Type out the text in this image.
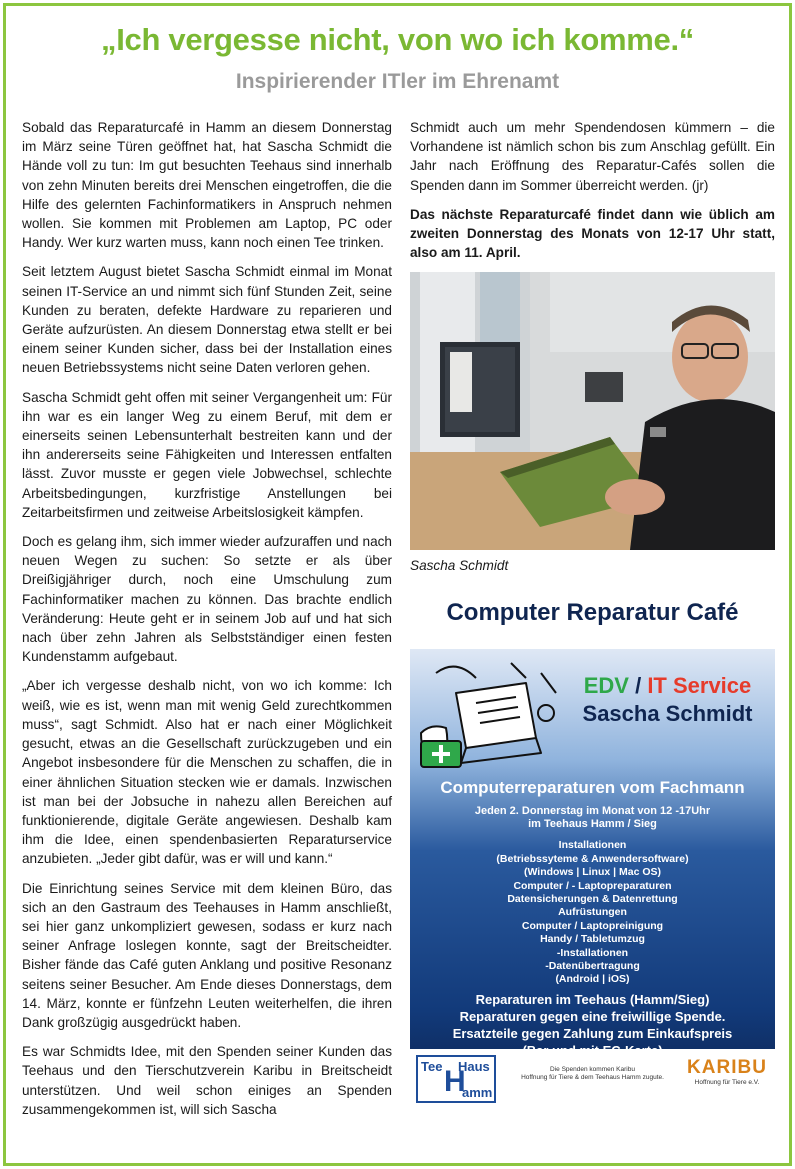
„Ich vergesse nicht, von wo ich komme.“
Inspirierender ITler im Ehrenamt

Sobald das Reparaturcafé in Hamm an diesem Donnerstag im März seine Türen geöffnet hat, hat Sascha Schmidt die Hände voll zu tun: Im gut besuchten Teehaus sind innerhalb von zehn Minuten bereits drei Menschen eingetroffen, die die Hilfe des gelernten Fachinformatikers in Anspruch nehmen wollen. Sie kommen mit Problemen am Laptop, PC oder Handy. Wer kurz warten muss, kann noch einen Tee trinken.

Seit letztem August bietet Sascha Schmidt einmal im Monat seinen IT-Service an und nimmt sich fünf Stunden Zeit, seine Kunden zu beraten, defekte Hardware zu reparieren und Geräte aufzurüsten. An diesem Donnerstag etwa stellt er bei einem seiner Kunden sicher, dass bei der Installation eines neuen Betriebssystems nicht seine Daten verloren gehen.

Sascha Schmidt geht offen mit seiner Vergangenheit um: Für ihn war es ein langer Weg zu einem Beruf, mit dem er einerseits seinen Lebensunterhalt bestreiten kann und der ihn andererseits seine Fähigkeiten und Interessen entfalten lässt. Zuvor musste er gegen viele Jobwechsel, schlechte Arbeitsbedingungen, kurzfristige Anstellungen bei Zeitarbeitsfirmen und zeitweise Arbeitslosigkeit kämpfen.

Doch es gelang ihm, sich immer wieder aufzuraffen und nach neuen Wegen zu suchen: So setzte er als über Dreißigjähriger durch, noch eine Umschulung zum Fachinformatiker machen zu können. Das brachte endlich Veränderung: Heute geht er in seinem Job auf und hat sich nach über zehn Jahren als Selbstständiger einen festen Kundenstamm aufgebaut.

„Aber ich vergesse deshalb nicht, von wo ich komme: Ich weiß, wie es ist, wenn man mit wenig Geld zurechtkommen muss“, sagt Schmidt. Also hat er nach einer Möglichkeit gesucht, etwas an die Gesellschaft zurückzugeben und ein Angebot insbesondere für die Menschen zu schaffen, die in einer ähnlichen Situation stecken wie er damals. Inzwischen ist man bei der Jobsuche in nahezu allen Bereichen auf funktionierende, digitale Geräte angewiesen. Deshalb kam ihm die Idee, einen spendenbasierten Reparaturservice anzubieten. „Jeder gibt dafür, was er will und kann.“

Die Einrichtung seines Service mit dem kleinen Büro, das sich an den Gastraum des Teehauses in Hamm anschließt, sei hier ganz unkompliziert gewesen, sodass er kurz nach seiner Anfrage loslegen konnte, sagt der Breitscheidter. Bisher fände das Café guten Anklang und positive Resonanz seitens seiner Besucher. Am Ende dieses Donnerstags, dem 14. März, konnte er fünfzehn Leuten weiterhelfen, die ihren Dank großzügig ausgedrückt haben.

Es war Schmidts Idee, mit den Spenden seiner Kunden das Teehaus und den Tierschutzverein Karibu in Breitscheidt unterstützen. Und weil schon einiges an Spenden zusammengekommen ist, will sich Sascha

Schmidt auch um mehr Spendendosen kümmern – die Vorhandene ist nämlich schon bis zum Anschlag gefüllt. Ein Jahr nach Eröffnung des Reparatur-Cafés sollen die Spenden dann im Sommer überreicht werden. (jr)

Das nächste Reparaturcafé findet dann wie üblich am zweiten Donnerstag des Monats von 12-17 Uhr statt, also am 11. April.

Sascha Schmidt

Computer Reparatur Café
EDV / IT Service
Sascha Schmidt
Computerreparaturen vom Fachmann
Jeden 2. Donnerstag im Monat von 12 -17Uhr
im Teehaus Hamm / Sieg
Installationen
(Betriebssyteme & Anwendersoftware)
(Windows | Linux | Mac OS)
Computer / - Laptopreparaturen
Datensicherungen & Datenrettung
Aufrüstungen
Computer / Laptopreinigung
Handy / Tabletumzug
-Installationen
-Datenübertragung
(Android | iOS)
Reparaturen im Teehaus (Hamm/Sieg)
Reparaturen gegen eine freiwillige Spende.
Ersatzteile gegen Zahlung zum Einkaufspreis
Tee Haus
H
amm
Die Spenden kommen Karibu
Hoffnung für Tiere & dem Teehaus Hamm zugute.	KARIBU
Hoffnung für Tiere e.V.
